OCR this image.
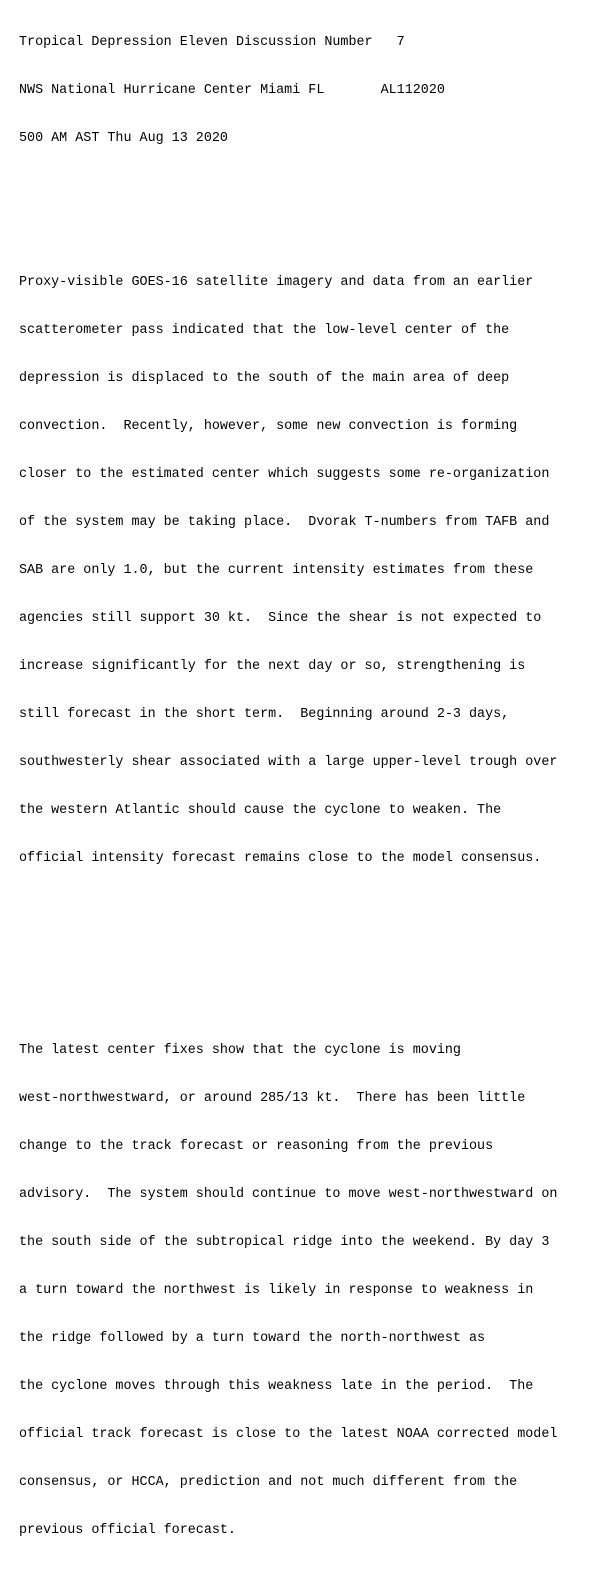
Tropical Depression Eleven Discussion Number   7

NWS National Hurricane Center Miami FL       AL112020

500 AM AST Thu Aug 13 2020

Proxy-visible GOES-16 satellite imagery and data from an earlier

scatterometer pass indicated that the low-level center of the

depression is displaced to the south of the main area of deep

convection.  Recently, however, some new convection is forming

closer to the estimated center which suggests some re-organization

of the system may be taking place.  Dvorak T-numbers from TAFB and

SAB are only 1.0, but the current intensity estimates from these

agencies still support 30 kt.  Since the shear is not expected to

increase significantly for the next day or so, strengthening is

still forecast in the short term.  Beginning around 2-3 days,

southwesterly shear associated with a large upper-level trough over

the western Atlantic should cause the cyclone to weaken. The

official intensity forecast remains close to the model consensus.

The latest center fixes show that the cyclone is moving

west-northwestward, or around 285/13 kt.  There has been little

change to the track forecast or reasoning from the previous

advisory.  The system should continue to move west-northwestward on

the south side of the subtropical ridge into the weekend. By day 3

a turn toward the northwest is likely in response to weakness in

the ridge followed by a turn toward the north-northwest as

the cyclone moves through this weakness late in the period.  The

official track forecast is close to the latest NOAA corrected model

consensus, or HCCA, prediction and not much different from the

previous official forecast.
